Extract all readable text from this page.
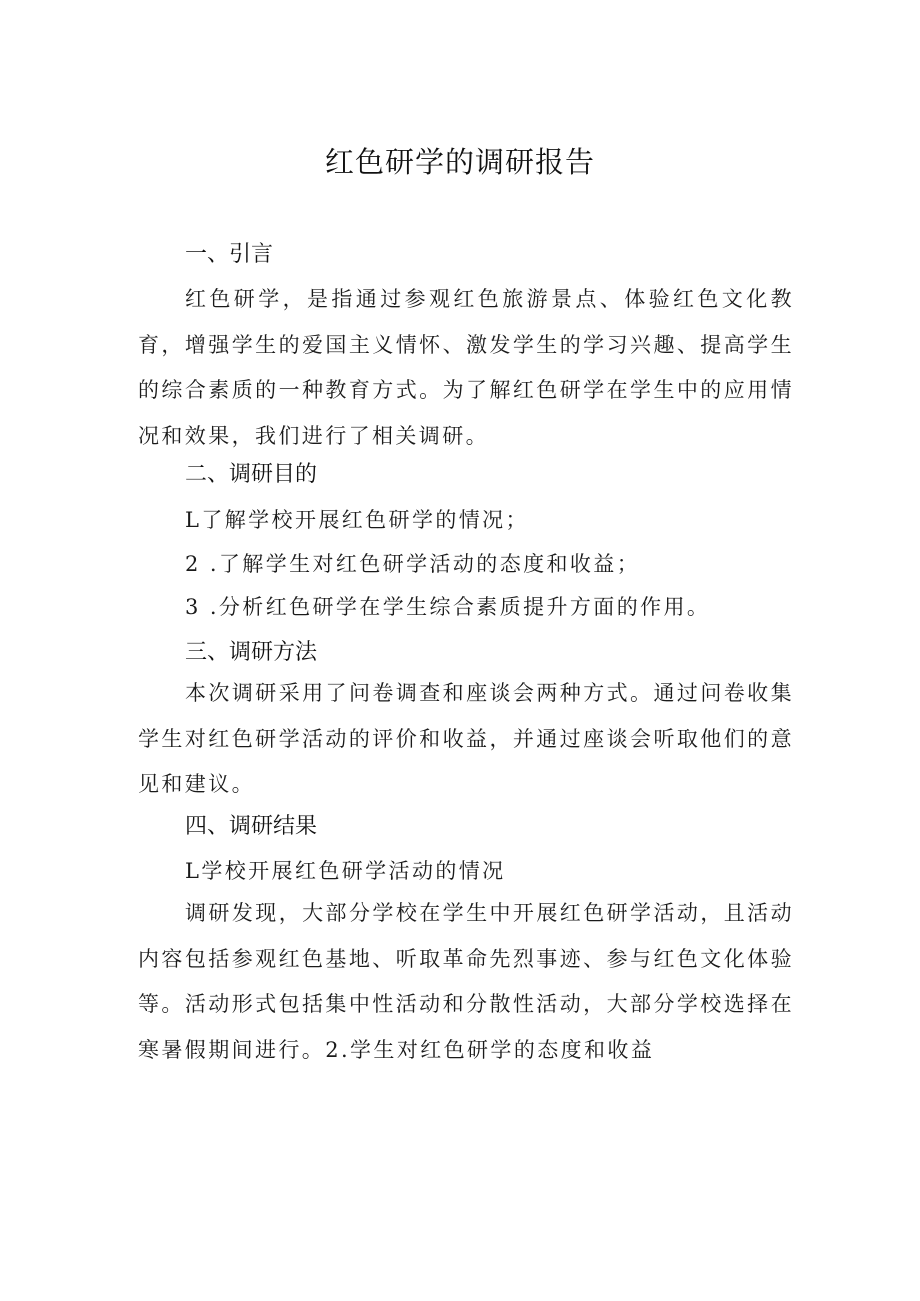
红色研学的调研报告
一、引言

红色研学，是指通过参观红色旅游景点、体验红色文化教育，增强学生的爱国主义情怀、激发学生的学习兴趣、提高学生的综合素质的一种教育方式。为了解红色研学在学生中的应用情况和效果，我们进行了相关调研。

二、调研目的
L了解学校开展红色研学的情况；
2 .了解学生对红色研学活动的态度和收益；
3 .分析红色研学在学生综合素质提升方面的作用。
三、调研方法

本次调研采用了问卷调查和座谈会两种方式。通过问卷收集学生对红色研学活动的评价和收益，并通过座谈会听取他们的意见和建议。

四、调研结果
L学校开展红色研学活动的情况

调研发现，大部分学校在学生中开展红色研学活动，且活动内容包括参观红色基地、听取革命先烈事迹、参与红色文化体验等。活动形式包括集中性活动和分散性活动，大部分学校选择在寒暑假期间进行。2.学生对红色研学的态度和收益
